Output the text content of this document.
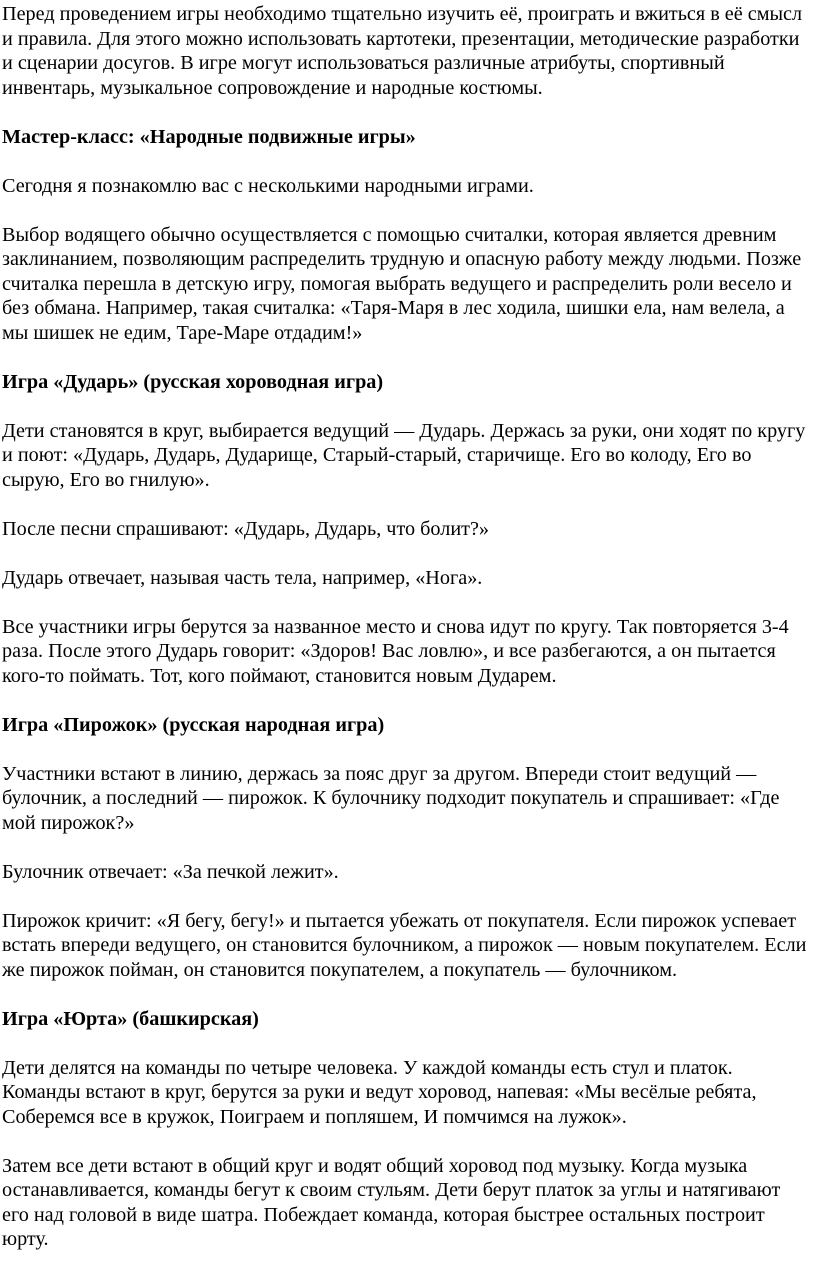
Перед проведением игры необходимо тщательно изучить её, проиграть и вжиться в её смысл и правила. Для этого можно использовать картотеки, презентации, методические разработки и сценарии досугов. В игре могут использоваться различные атрибуты, спортивный инвентарь, музыкальное сопровождение и народные костюмы.

Мастер-класс: «Народные подвижные игры»

Сегодня я познакомлю вас с несколькими народными играми.

Выбор водящего обычно осуществляется с помощью считалки, которая является древним заклинанием, позволяющим распределить трудную и опасную работу между людьми. Позже считалка перешла в детскую игру, помогая выбрать ведущего и распределить роли весело и без обмана. Например, такая считалка: «Таря-Маря в лес ходила, шишки ела, нам велела, а мы шишек не едим, Таре-Маре отдадим!»

Игра «Дударь» (русская хороводная игра)

Дети становятся в круг, выбирается ведущий — Дударь. Держась за руки, они ходят по кругу и поют: «Дударь, Дударь, Дударище, Старый-старый, старичище. Его во колоду, Его во сырую, Его во гнилую».

После песни спрашивают: «Дударь, Дударь, что болит?»

Дударь отвечает, называя часть тела, например, «Нога».

Все участники игры берутся за названное место и снова идут по кругу. Так повторяется 3-4 раза. После этого Дударь говорит: «Здоров! Вас ловлю», и все разбегаются, а он пытается кого-то поймать. Тот, кого поймают, становится новым Дударем.

Игра «Пирожок» (русская народная игра)

Участники встают в линию, держась за пояс друг за другом. Впереди стоит ведущий — булочник, а последний — пирожок. К булочнику подходит покупатель и спрашивает: «Где мой пирожок?»

Булочник отвечает: «За печкой лежит».

Пирожок кричит: «Я бегу, бегу!» и пытается убежать от покупателя. Если пирожок успевает встать впереди ведущего, он становится булочником, а пирожок — новым покупателем. Если же пирожок пойман, он становится покупателем, а покупатель — булочником.

Игра «Юрта» (башкирская)

Дети делятся на команды по четыре человека. У каждой команды есть стул и платок. Команды встают в круг, берутся за руки и ведут хоровод, напевая: «Мы весёлые ребята, Соберемся все в кружок, Поиграем и попляшем, И помчимся на лужок».

Затем все дети встают в общий круг и водят общий хоровод под музыку. Когда музыка останавливается, команды бегут к своим стульям. Дети берут платок за углы и натягивают его над головой в виде шатра. Побеждает команда, которая быстрее остальных построит юрту.
